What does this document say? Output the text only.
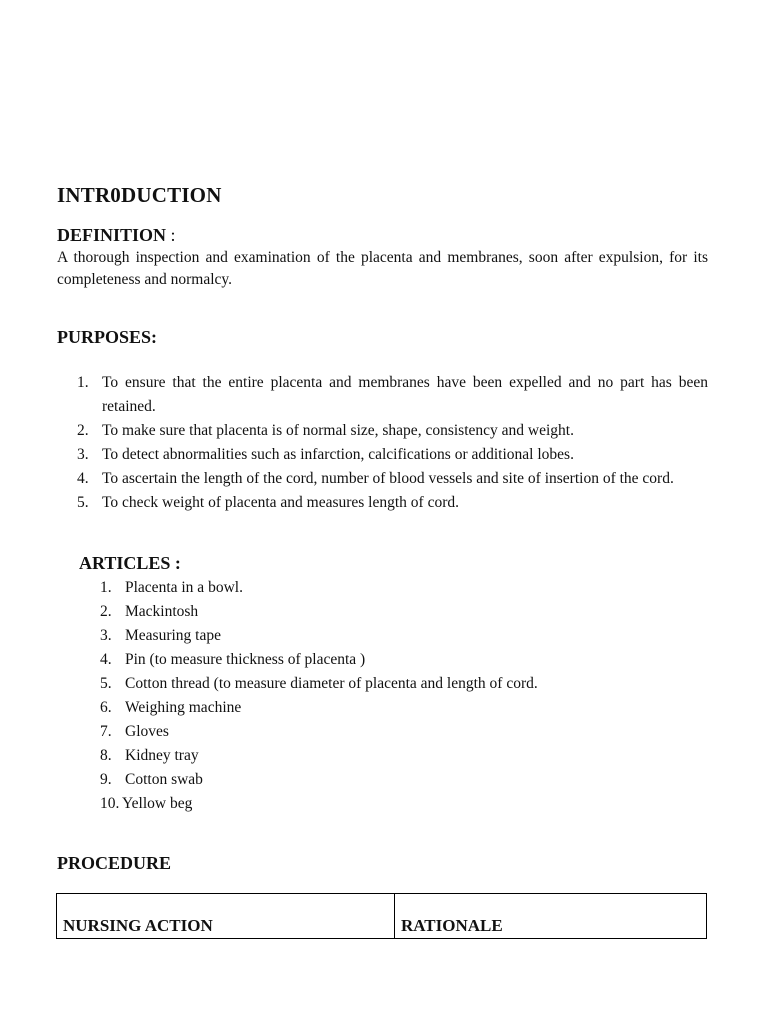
INTR0DUCTION
DEFINITION :
A thorough inspection and examination of the placenta and membranes, soon after expulsion, for its completeness and normalcy.
PURPOSES:
1. To ensure that the entire placenta and membranes have been expelled and no part has been retained.
2. To make sure that placenta is of normal size, shape, consistency and weight.
3. To detect abnormalities such as infarction, calcifications or additional lobes.
4. To ascertain the length of the cord, number of blood vessels and site of insertion of the cord.
5. To check weight of placenta and measures length of cord.
ARTICLES :
1. Placenta in a bowl.
2. Mackintosh
3. Measuring tape
4. Pin (to measure thickness of placenta )
5. Cotton thread (to measure diameter of placenta and length of cord.
6. Weighing machine
7. Gloves
8. Kidney tray
9. Cotton swab
10. Yellow beg
PROCEDURE
NURSING ACTION	RATIONALE
